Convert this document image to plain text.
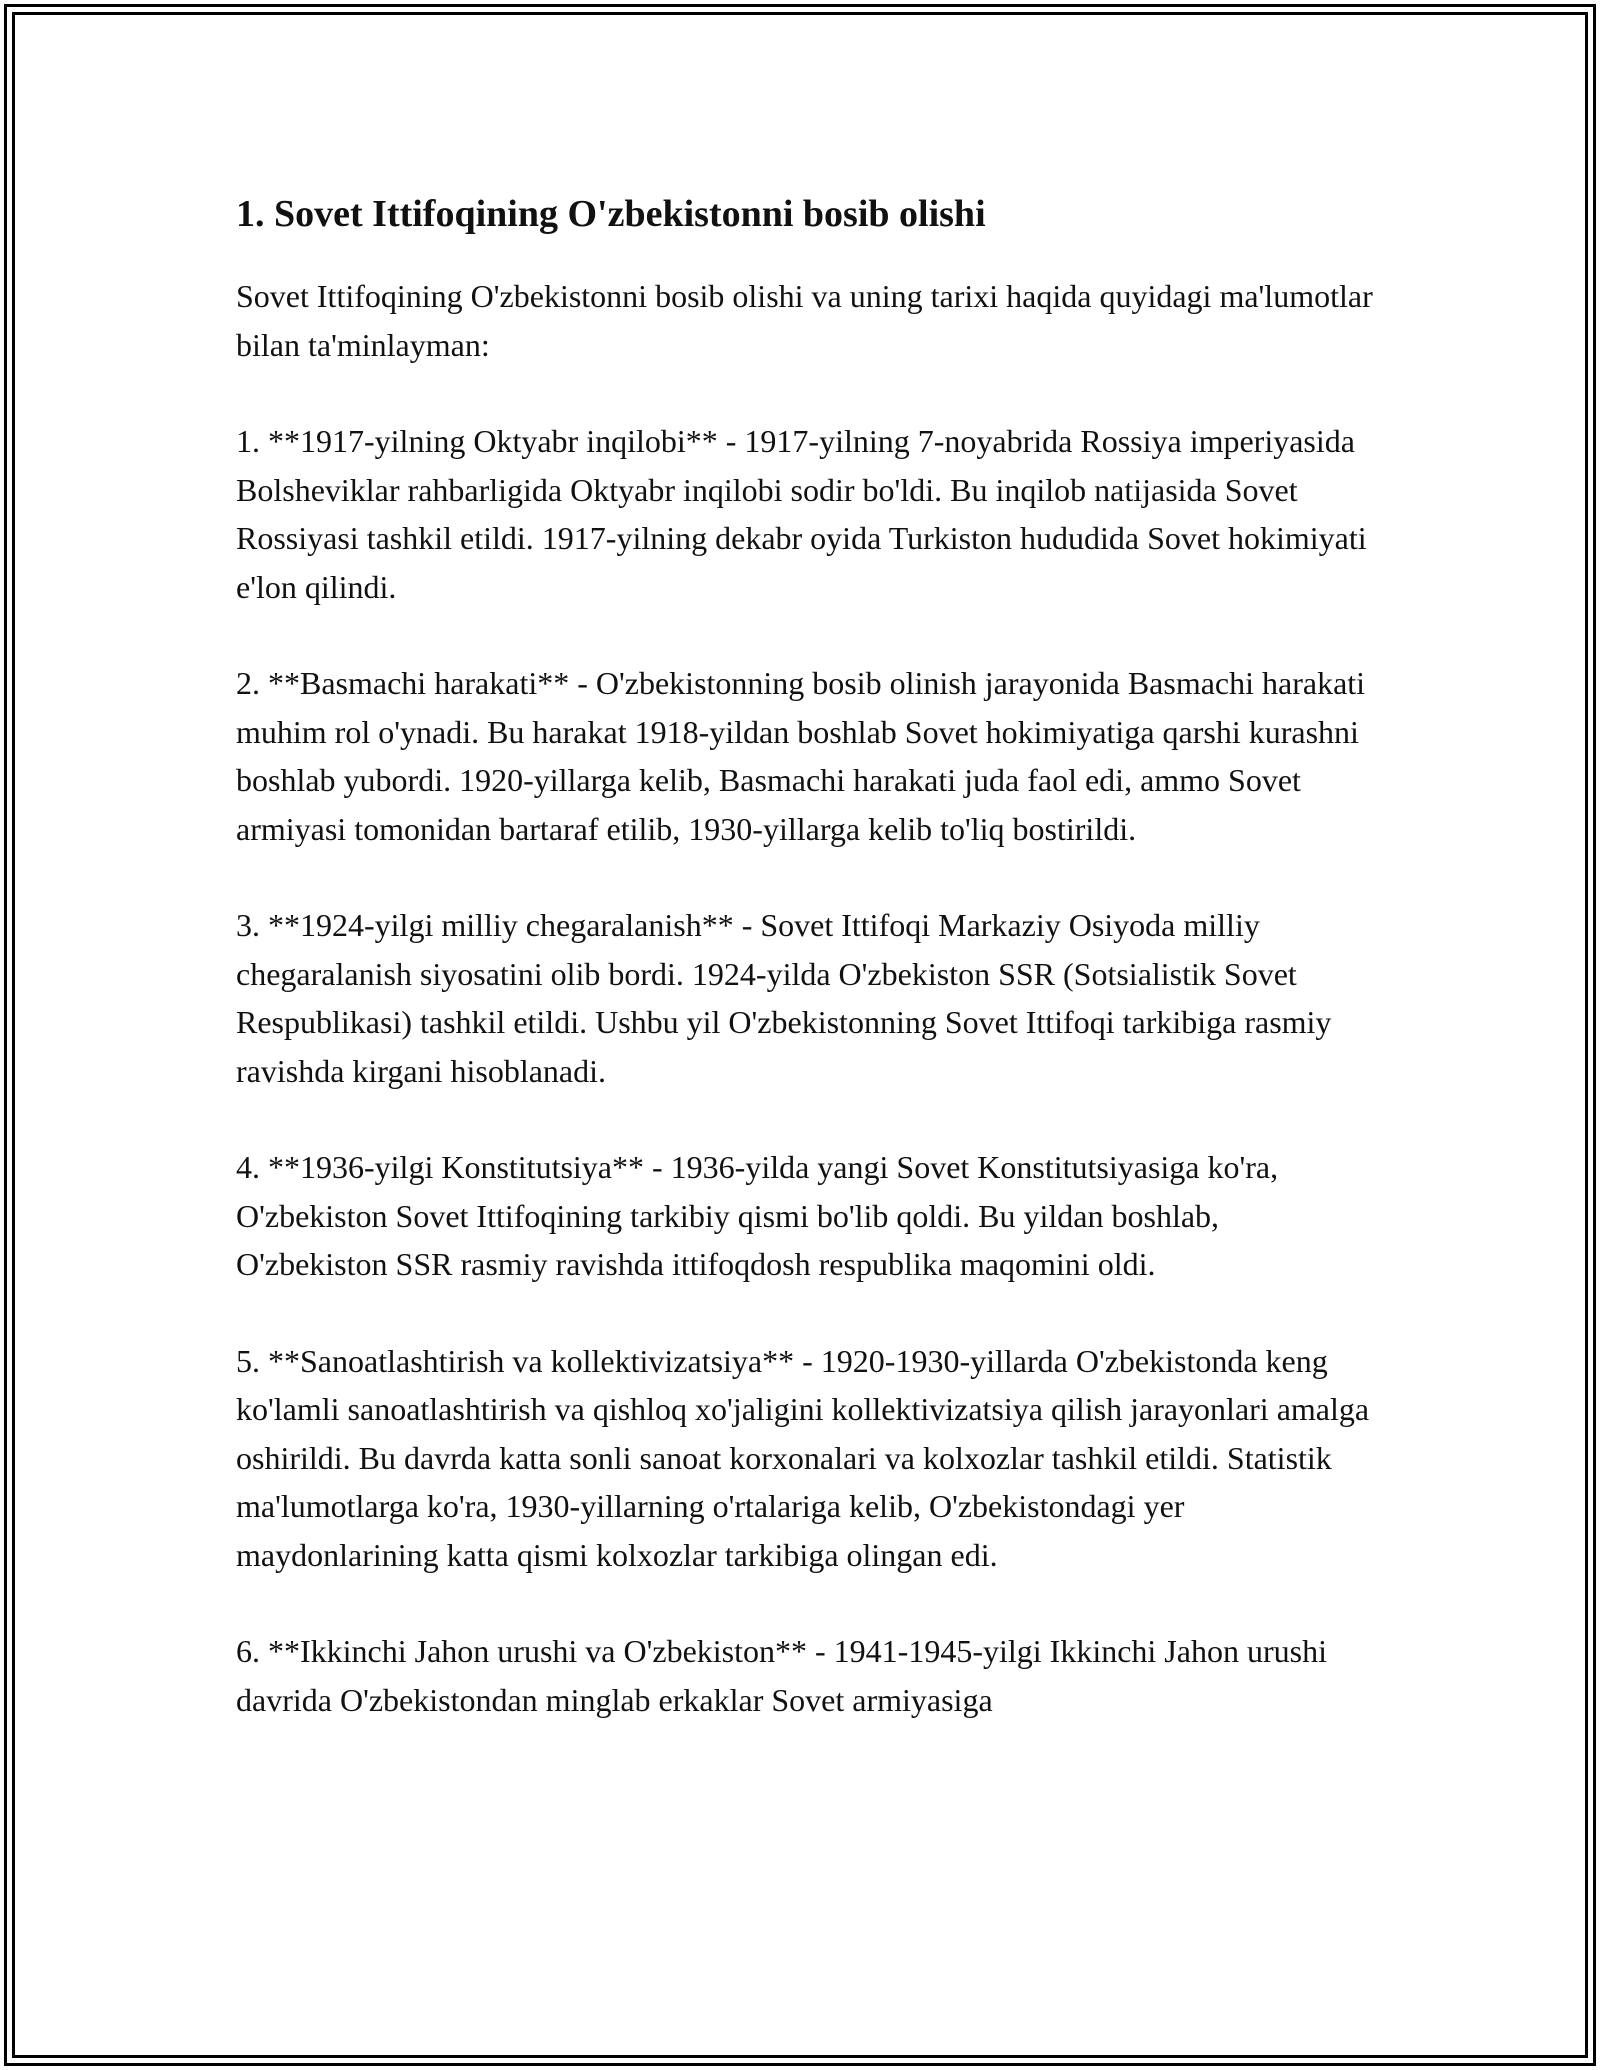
1. Sovet Ittifoqining O'zbekistonni bosib olishi

Sovet Ittifoqining O'zbekistonni bosib olishi va uning tarixi haqida quyidagi ma'lumotlar bilan ta'minlayman:

1. **1917-yilning Oktyabr inqilobi** - 1917-yilning 7-noyabrida Rossiya imperiyasida Bolsheviklar rahbarligida Oktyabr inqilobi sodir bo'ldi. Bu inqilob natijasida Sovet Rossiyasi tashkil etildi. 1917-yilning dekabr oyida Turkiston hududida Sovet hokimiyati e'lon qilindi.

2. **Basmachi harakati** - O'zbekistonning bosib olinish jarayonida Basmachi harakati muhim rol o'ynadi. Bu harakat 1918-yildan boshlab Sovet hokimiyatiga qarshi kurashni boshlab yubordi. 1920-yillarga kelib, Basmachi harakati juda faol edi, ammo Sovet armiyasi tomonidan bartaraf etilib, 1930-yillarga kelib to'liq bostirildi.

3. **1924-yilgi milliy chegaralanish** - Sovet Ittifoqi Markaziy Osiyoda milliy chegaralanish siyosatini olib bordi. 1924-yilda O'zbekiston SSR (Sotsialistik Sovet Respublikasi) tashkil etildi. Ushbu yil O'zbekistonning Sovet Ittifoqi tarkibiga rasmiy ravishda kirgani hisoblanadi.

4. **1936-yilgi Konstitutsiya** - 1936-yilda yangi Sovet Konstitutsiyasiga ko'ra, O'zbekiston Sovet Ittifoqining tarkibiy qismi bo'lib qoldi. Bu yildan boshlab, O'zbekiston SSR rasmiy ravishda ittifoqdosh respublika maqomini oldi.

5. **Sanoatlashtirish va kollektivizatsiya** - 1920-1930-yillarda O'zbekistonda keng ko'lamli sanoatlashtirish va qishloq xo'jaligini kollektivizatsiya qilish jarayonlari amalga oshirildi. Bu davrda katta sonli sanoat korxonalari va kolxozlar tashkil etildi. Statistik ma'lumotlarga ko'ra, 1930-yillarning o'rtalariga kelib, O'zbekistondagi yer maydonlarining katta qismi kolxozlar tarkibiga olingan edi.

6. **Ikkinchi Jahon urushi va O'zbekiston** - 1941-1945-yilgi Ikkinchi Jahon urushi davrida O'zbekistondan minglab erkaklar Sovet armiyasiga
